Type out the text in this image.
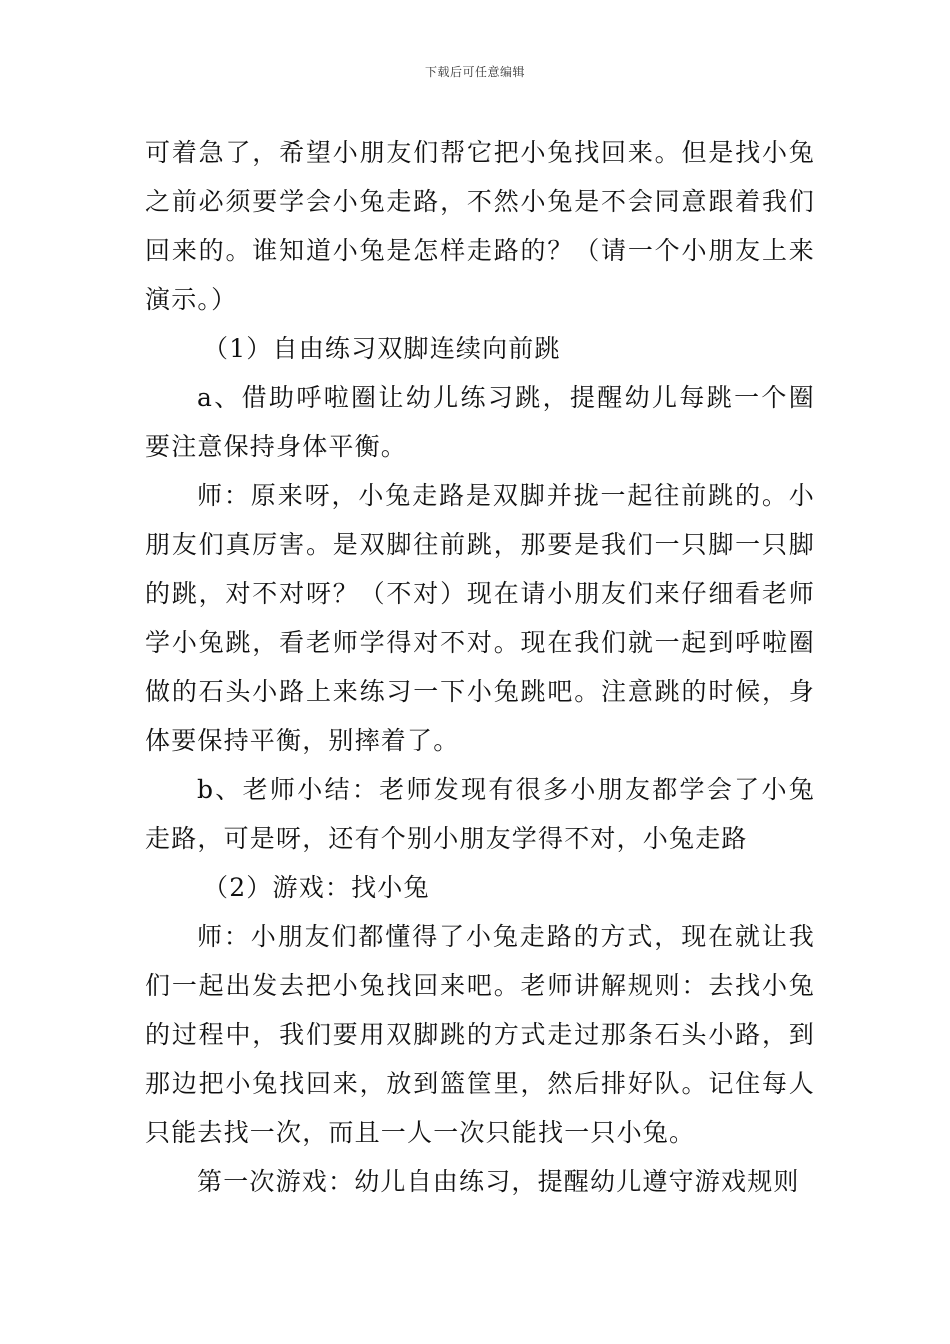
下载后可任意编辑

可着急了，希望小朋友们帮它把小兔找回来。但是找小兔之前必须要学会小兔走路，不然小兔是不会同意跟着我们回来的。谁知道小兔是怎样走路的？（请一个小朋友上来演示。）

（1）自由练习双脚连续向前跳

a、借助呼啦圈让幼儿练习跳，提醒幼儿每跳一个圈要注意保持身体平衡。

师：原来呀，小兔走路是双脚并拢一起往前跳的。小朋友们真厉害。是双脚往前跳，那要是我们一只脚一只脚的跳，对不对呀？（不对）现在请小朋友们来仔细看老师学小兔跳，看老师学得对不对。现在我们就一起到呼啦圈做的石头小路上来练习一下小兔跳吧。注意跳的时候，身体要保持平衡，别摔着了。

b、老师小结：老师发现有很多小朋友都学会了小兔走路，可是呀，还有个别小朋友学得不对，小兔走路

（2）游戏：找小兔

师：小朋友们都懂得了小兔走路的方式，现在就让我们一起出发去把小兔找回来吧。老师讲解规则：去找小兔的过程中，我们要用双脚跳的方式走过那条石头小路，到那边把小兔找回来，放到篮筐里，然后排好队。记住每人只能去找一次，而且一人一次只能找一只小兔。

第一次游戏：幼儿自由练习，提醒幼儿遵守游戏规则
